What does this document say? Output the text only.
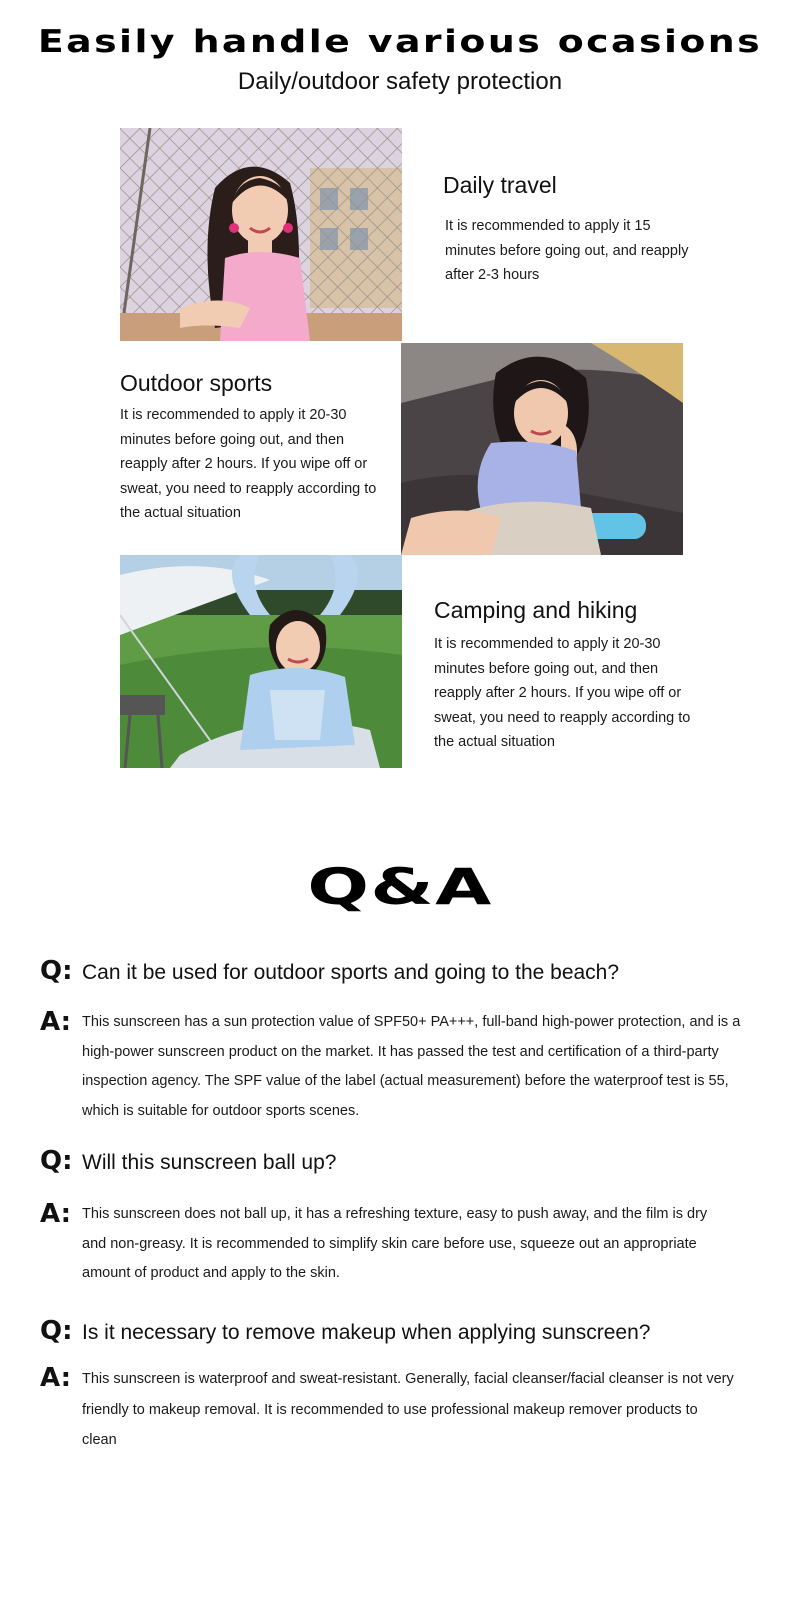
Easily handle various ocasions
Daily/outdoor safety protection
Daily travel
It is recommended to apply it 15 minutes before going out, and reapply after 2-3 hours
Outdoor sports
It is recommended to apply it 20-30 minutes before going out, and then reapply after 2 hours. If you wipe off or sweat, you need to reapply according to the actual situation
Camping and hiking
It is recommended to apply it 20-30 minutes before going out, and then reapply after 2 hours. If you wipe off or sweat, you need to reapply according to the actual situation
Q&A
Q: Can it be used for outdoor sports and going to the beach?
A: This sunscreen has a sun protection value of SPF50+ PA+++, full-band high-power protection, and is a high-power sunscreen product on the market. It has passed the test and certification of a third-party inspection agency. The SPF value of the label (actual measurement) before the waterproof test is 55, which is suitable for outdoor sports scenes.
Q: Will this sunscreen ball up?
A: This sunscreen does not ball up, it has a refreshing texture, easy to push away, and the film is dry and non-greasy. It is recommended to simplify skin care before use, squeeze out an appropriate amount of product and apply to the skin.
Q: Is it necessary to remove makeup when applying sunscreen?
A: This sunscreen is waterproof and sweat-resistant. Generally, facial cleanser/facial cleanser is not very friendly to makeup removal. It is recommended to use professional makeup remover products to clean
